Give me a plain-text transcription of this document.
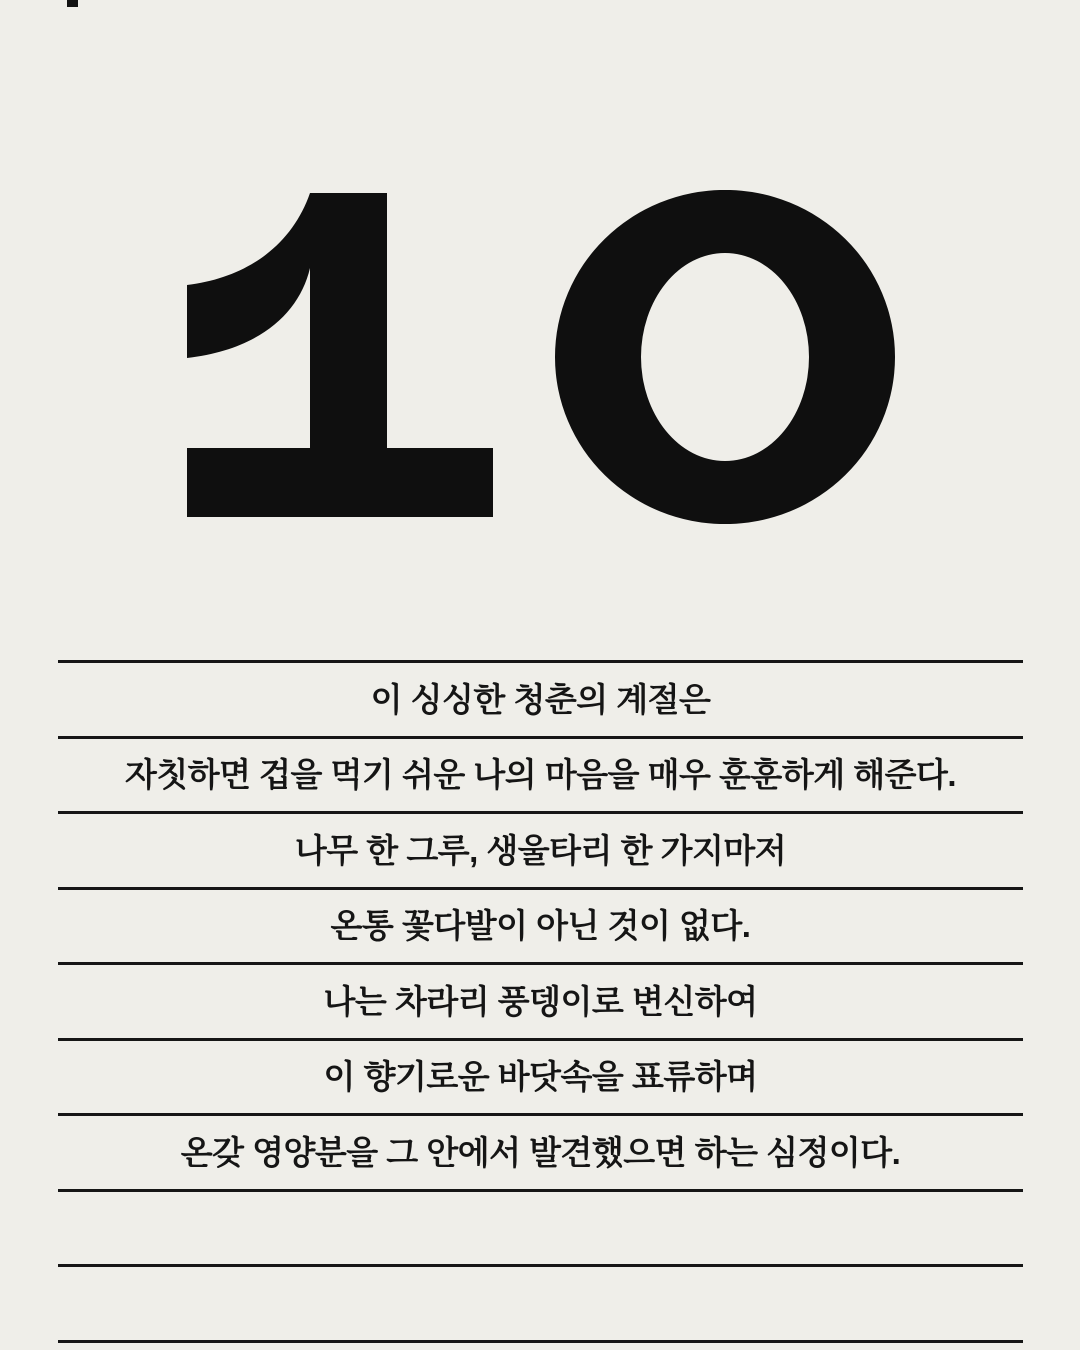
이 싱싱한 청춘의 계절은
자칫하면 겁을 먹기 쉬운 나의 마음을 매우 훈훈하게 해준다.
나무 한 그루, 생울타리 한 가지마저
온통 꽃다발이 아닌 것이 없다.
나는 차라리 풍뎅이로 변신하여
이 향기로운 바닷속을 표류하며
온갖 영양분을 그 안에서 발견했으면 하는 심정이다.
